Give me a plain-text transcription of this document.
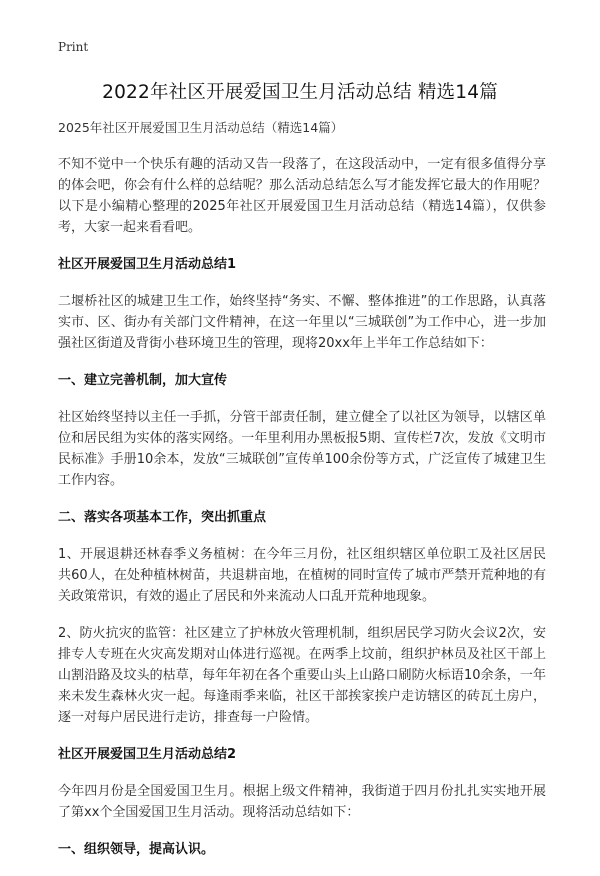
Print
2022年社区开展爱国卫生月活动总结 精选14篇
2025年社区开展爱国卫生月活动总结（精选14篇）

不知不觉中一个快乐有趣的活动又告一段落了，在这段活动中，一定有很多值得分享的体会吧，你会有什么样的总结呢？那么活动总结怎么写才能发挥它最大的作用呢？以下是小编精心整理的2025年社区开展爱国卫生月活动总结（精选14篇），仅供参考，大家一起来看看吧。

社区开展爱国卫生月活动总结1

二堰桥社区的城建卫生工作，始终坚持“务实、不懈、整体推进”的工作思路，认真落实市、区、街办有关部门文件精神，在这一年里以“三城联创”为工作中心，进一步加强社区街道及背街小巷环境卫生的管理，现将20xx年上半年工作总结如下：

一、建立完善机制，加大宣传

社区始终坚持以主任一手抓，分管干部责任制，建立健全了以社区为领导，以辖区单位和居民组为实体的落实网络。一年里利用办黑板报5期、宣传栏7次，发放《文明市民标准》手册10余本，发放“三城联创”宣传单100余份等方式，广泛宣传了城建卫生工作内容。

二、落实各项基本工作，突出抓重点

1、开展退耕还林春季义务植树：在今年三月份，社区组织辖区单位职工及社区居民共60人，在处种植林树苗，共退耕亩地，在植树的同时宣传了城市严禁开荒种地的有关政策常识，有效的遏止了居民和外来流动人口乱开荒种地现象。

2、防火抗灾的监管：社区建立了护林放火管理机制，组织居民学习防火会议2次，安排专人专班在火灾高发期对山体进行巡视。在两季上坟前，组织护林员及社区干部上山割沿路及坟头的枯草，每年年初在各个重要山头上山路口刷防火标语10余条，一年来未发生森林火灾一起。每逢雨季来临，社区干部挨家挨户走访辖区的砖瓦土房户，逐一对每户居民进行走访，排查每一户险情。

社区开展爱国卫生月活动总结2

今年四月份是全国爱国卫生月。根据上级文件精神，我街道于四月份扎扎实实地开展了第xx个全国爱国卫生月活动。现将活动总结如下：

一、组织领导，提高认识。
